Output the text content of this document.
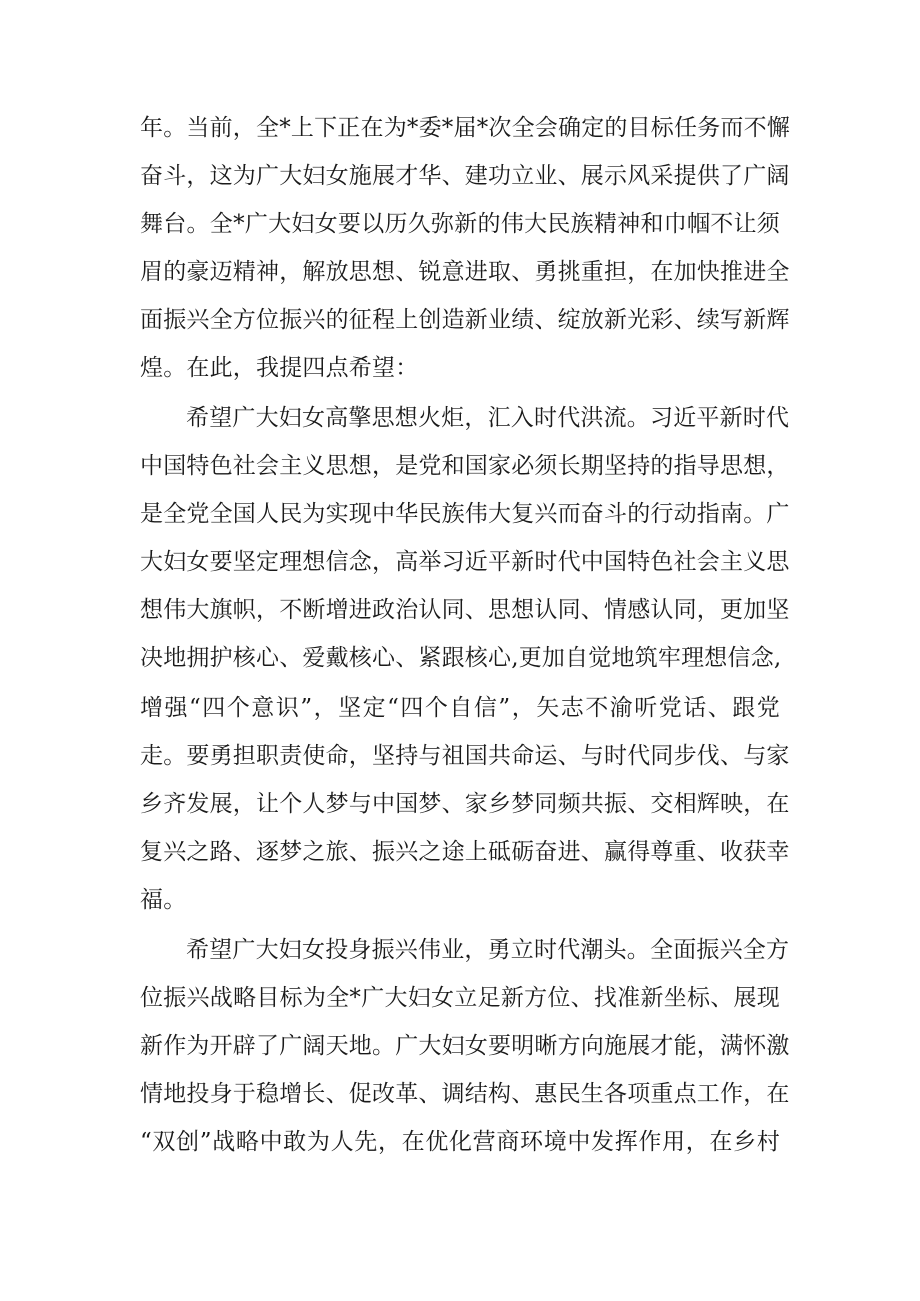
年。当前，全*上下正在为*委*届*次全会确定的目标任务而不懈
奋斗，这为广大妇女施展才华、建功立业、展示风采提供了广阔
舞台。全*广大妇女要以历久弥新的伟大民族精神和巾帼不让须
眉的豪迈精神，解放思想、锐意进取、勇挑重担，在加快推进全
面振兴全方位振兴的征程上创造新业绩、绽放新光彩、续写新辉
煌。在此，我提四点希望：
希望广大妇女高擎思想火炬，汇入时代洪流。习近平新时代
中国特色社会主义思想，是党和国家必须长期坚持的指导思想，
是全党全国人民为实现中华民族伟大复兴而奋斗的行动指南。广
大妇女要坚定理想信念，高举习近平新时代中国特色社会主义思
想伟大旗帜，不断增进政治认同、思想认同、情感认同，更加坚
决地拥护核心、爱戴核心、紧跟核心,更加自觉地筑牢理想信念,
增强“四个意识”，坚定“四个自信”，矢志不渝听党话、跟党
走。要勇担职责使命，坚持与祖国共命运、与时代同步伐、与家
乡齐发展，让个人梦与中国梦、家乡梦同频共振、交相辉映，在
复兴之路、逐梦之旅、振兴之途上砥砺奋进、赢得尊重、收获幸
福。
希望广大妇女投身振兴伟业，勇立时代潮头。全面振兴全方
位振兴战略目标为全*广大妇女立足新方位、找准新坐标、展现
新作为开辟了广阔天地。广大妇女要明晰方向施展才能，满怀激
情地投身于稳增长、促改革、调结构、惠民生各项重点工作，在
“双创”战略中敢为人先，在优化营商环境中发挥作用，在乡村
